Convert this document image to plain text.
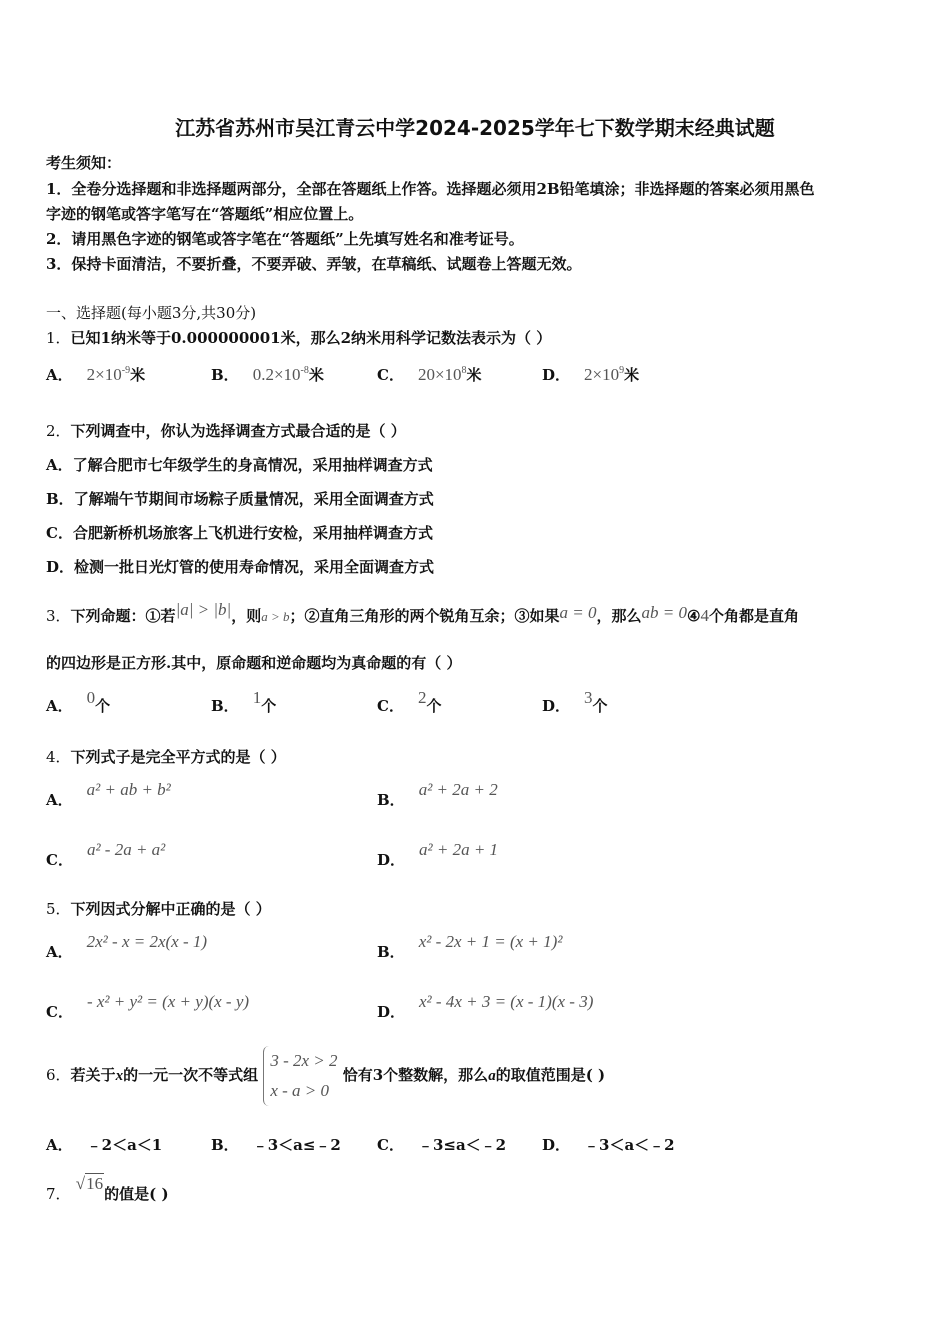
江苏省苏州市吴江青云中学2024-2025学年七下数学期末经典试题
考生须知：
1．全卷分选择题和非选择题两部分，全部在答题纸上作答。选择题必须用2B铅笔填涂；非选择题的答案必须用黑色
字迹的钢笔或答字笔写在“答题纸”相应位置上。
2．请用黑色字迹的钢笔或答字笔在“答题纸”上先填写姓名和准考证号。
3．保持卡面清洁，不要折叠，不要弄破、弄皱，在草稿纸、试题卷上答题无效。
一、选择题(每小题3分,共30分)
1．已知1纳米等于0.000000001米，那么2纳米用科学记数法表示为（ ）
A． $2\times 10^{-9}$米	B． $0.2\times 10^{-8}$米	C． $20\times 10^8$米	D． $2\times 10^9$米
2．下列调查中，你认为选择调查方式最合适的是（ ）
A．了解合肥市七年级学生的身高情况，采用抽样调查方式
B．了解端午节期间市场粽子质量情况，采用全面调查方式
C．合肥新桥机场旅客上飞机进行安检，采用抽样调查方式
D．检测一批日光灯管的使用寿命情况，采用全面调查方式
3．下列命题：①若|a| > |b|，则a > b；②直角三角形的两个锐角互余；③如果a = 0，那么ab = 0④4个角都是直角
的四边形是正方形.其中，原命题和逆命题均为真命题的有（ ）
A． 0个	B． 1个	C． 2个	D． 3个
4．下列式子是完全平方式的是（ ）
A．a² + ab + b²
B．a² + 2a + 2
C．a² - 2a + a²
D．a² + 2a + 1
5．下列因式分解中正确的是（ ）
A．2x² - x = 2x(x - 1)
B．x² - 2x + 1 = (x + 1)²
C．- x² + y² = (x + y)(x - y)
D．x² - 4x + 3 = (x - 1)(x - 3)
6．若关于x的一元一次不等式组 3 - 2x > 2
x - a > 0 恰有3个整数解，那么a的取值范围是( )
A． ﹣2＜a＜1	B． ﹣3＜a≤﹣2 C． ﹣3≤a＜﹣2 D． ﹣3＜a＜﹣2
7． √16的值是( )
